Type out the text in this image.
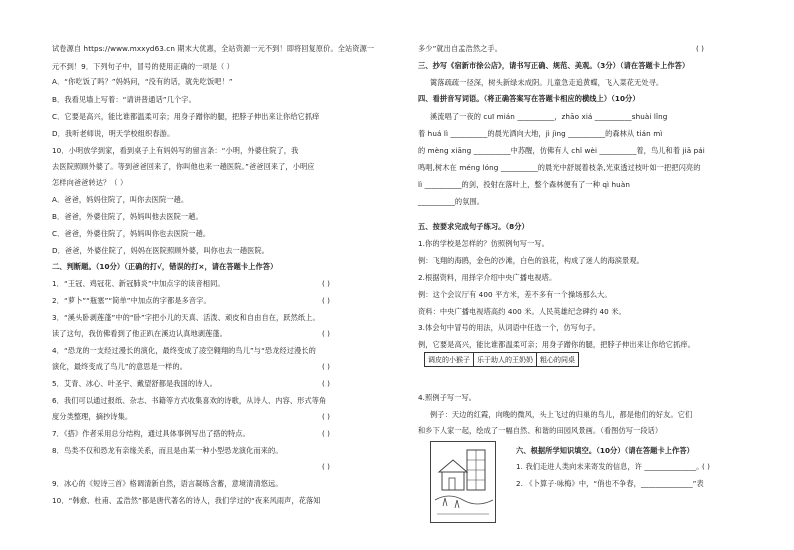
试卷源自 https://www.mxxyd63.cn 期末大优惠，全站资源一元不到！即将回复原价。全站资源一
元不到！9．下列句子中，冒号的使用正确的一项是（ ）
A．“你吃饭了吗？”妈妈问，“没有的话，就先吃饭吧！”
B．我看见墙上写着：“请讲普通话”几个字。
C．它要是高兴，能比谁都温柔可亲；用身子蹭你的腿，把脖子伸出来让你给它抓痒
D．我听老师说，明天学校组织春游。
10．小明放学到家，看到桌子上有妈妈写的留言条：“小明，外婆住院了，我
去医院照顾外婆了。等到爸爸回来了，你叫他也来一趟医院。”爸爸回来了，小明应
怎样向爸爸转达？（ ）
A．爸爸，妈妈住院了，叫你去医院一趟。
B．爸爸，外婆住院了，妈妈叫他去医院一趟。
C．爸爸，外婆住院了，妈妈叫你也去医院一趟。
D．爸爸，外婆住院了，妈妈在医院照顾外婆，叫你也去一趟医院。
二、判断题。（10分）（正确的打√，错误的打×，请在答题卡上作答）
1．“王冠、鸡冠花、新冠肺炎”中加点字的读音相同。
2．“萝卜”“瓶塞”“简单”中加点的字都是多音字。
3．“溪头卧剥莲蓬”中的“卧”字把小儿的天真、活泼、顽皮和自由自在，跃然纸上。
读了这句，我仿佛看到了他正趴在溪边认真地剥莲蓬。
4．“恐龙的一支经过漫长的演化，最终变成了凌空翱翔的鸟儿”与“恐龙经过漫长的
演化，最终变成了鸟儿”的意思是一样的。
5．艾青、冰心、叶圣宇、戴望舒都是我国的诗人。
6．我们可以通过报纸、杂志、书籍等方式收集喜欢的诗歌，从诗人、内容、形式等角
度分类整理，摘抄诗集。
7．《搭》作者采用总分结构，通过具体事例写出了搭的特点。
8．鸟类不仅和恐龙有亲缘关系，而且是由某一种小型恐龙演化而来的。
9．冰心的《短诗三首》格调清新自然，语言凝练含蓄，意境清清悠远。
10．“韩愈、杜甫、孟浩然”都是唐代著名的诗人，我们学过的“夜来风雨声，花落知
( )
( )
( )
( )
( )
( )
( )
( )
多少”就出自孟浩然之手。	( )
三、抄写《宿新市徐公店》，请书写正确、规范、美观。（3分）（请在答题卡上作答）
篱落疏疏一径深，树头新绿未成阴。儿童急走追黄蝶，飞入菜花无处寻。
四、看拼音写词语。（将正确答案写在答题卡相应的横线上）（10分）
溪流唱了一夜的 cuī mián __________，zhāo xiá __________shuài lǐng
着 huá lì __________的晨光洒向大地，jì jìng __________的森林从 tián mì
的 mèng xiāng __________中苏醒，仿佛有人 chǐ wèi __________着，鸟儿和着 jiā pái
鸣唱,树木在 méng lóng __________的晨光中舒展着枝条,光束透过枝叶如一把把闪亮的
lì __________的剑，投射在落叶上，整个森林便有了一种 qì huàn
__________的氛围。
五、按要求完成句子练习。（8分）
1.你的学校是怎样的？仿照例句写一写。
例：飞翔的海鸥，金色的沙滩，白色的浪花，构成了迷人的海滨景观。
2.根据资料，用择字介绍中央广播电视塔。
例：这个会议厅有 400 平方米，差不多有一个操场那么大。
资料：中央广播电视塔高约 400 米。人民英雄纪念碑约 40 米。
3.体会句中冒号的用法，从词语中任选一个，仿写句子。
例，它要是高兴，能比谁都温柔可亲；用身子蹭你的腿，把脖子伸出来让你给它抓痒。
调皮的小猴子	乐于助人的王奶奶	粗心的同桌
4.照例子写一写。
例子：天边的红霞，向晚的微风，头上飞过的归巢的鸟儿，都是他们的好友。它们
和乡下人家一起，绘成了一幅自然、和谐的田园风景画。（看图仿写一段话）
六、根据所学知识填空。（10分）（请在答题卡上作答）
1. 我们走进人类向未来寄发的信息，许 ______________。
2. 《卜算子·咏梅》中，“俏也不争春，______________”表
( )
